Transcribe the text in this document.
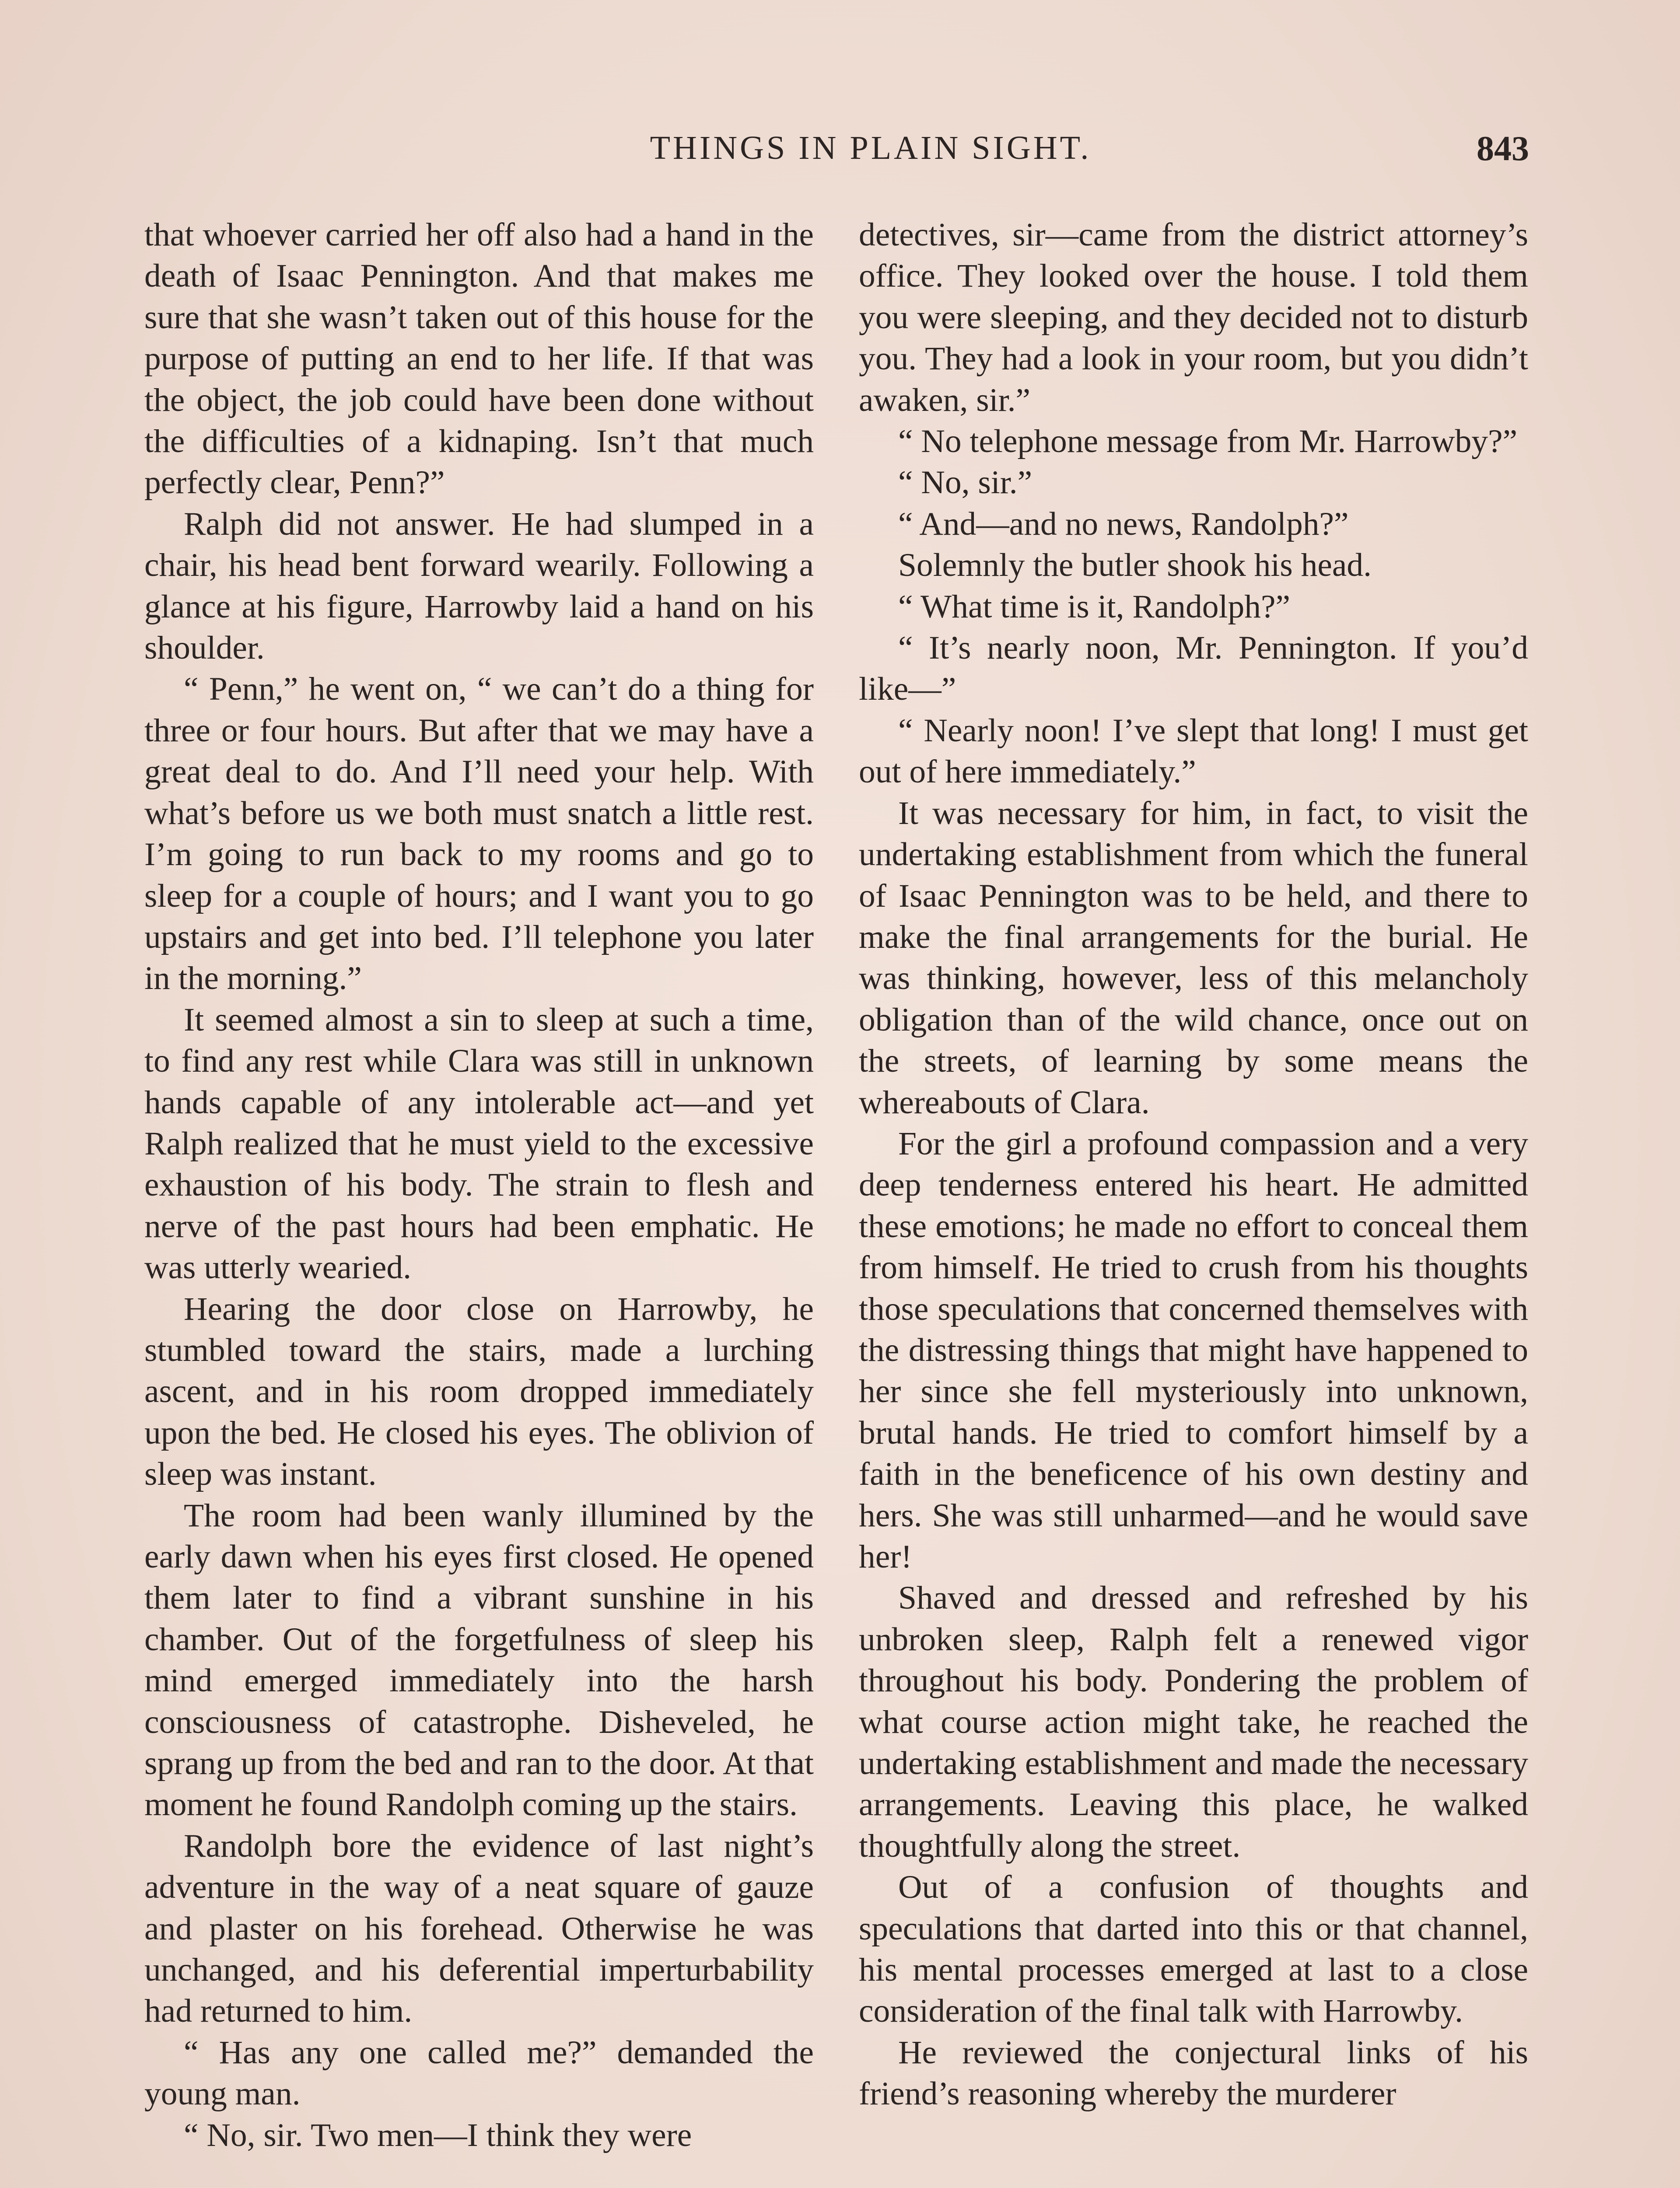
THINGS IN PLAIN SIGHT.	843

that whoever carried her off also had a hand in the death of Isaac Pennington. And that makes me sure that she wasn’t taken out of this house for the purpose of putting an end to her life. If that was the object, the job could have been done without the difficulties of a kidnaping. Isn’t that much perfectly clear, Penn?”

Ralph did not answer. He had slumped in a chair, his head bent forward wearily. Following a glance at his figure, Harrowby laid a hand on his shoulder.

“ Penn,” he went on, “ we can’t do a thing for three or four hours. But after that we may have a great deal to do. And I’ll need your help. With what’s before us we both must snatch a little rest. I’m going to run back to my rooms and go to sleep for a couple of hours; and I want you to go upstairs and get into bed. I’ll telephone you later in the morning.”

It seemed almost a sin to sleep at such a time, to find any rest while Clara was still in unknown hands capable of any intolerable act—and yet Ralph realized that he must yield to the excessive exhaustion of his body. The strain to flesh and nerve of the past hours had been emphatic. He was utterly wearied.

Hearing the door close on Harrowby, he stumbled toward the stairs, made a lurching ascent, and in his room dropped immediately upon the bed. He closed his eyes. The oblivion of sleep was instant.

The room had been wanly illumined by the early dawn when his eyes first closed. He opened them later to find a vibrant sunshine in his chamber. Out of the forgetfulness of sleep his mind emerged immediately into the harsh consciousness of catastrophe. Disheveled, he sprang up from the bed and ran to the door. At that moment he found Randolph coming up the stairs.

Randolph bore the evidence of last night’s adventure in the way of a neat square of gauze and plaster on his forehead. Otherwise he was unchanged, and his deferential imperturbability had returned to him.

“ Has any one called me?” demanded the young man.

“ No, sir. Two men—I think they were

detectives, sir—came from the district attorney’s office. They looked over the house. I told them you were sleeping, and they decided not to disturb you. They had a look in your room, but you didn’t awaken, sir.”

“ No telephone message from Mr. Harrowby?”

“ No, sir.”

“ And—and no news, Randolph?”

Solemnly the butler shook his head.

“ What time is it, Randolph?”

“ It’s nearly noon, Mr. Pennington. If you’d like—”

“ Nearly noon! I’ve slept that long! I must get out of here immediately.”

It was necessary for him, in fact, to visit the undertaking establishment from which the funeral of Isaac Pennington was to be held, and there to make the final arrangements for the burial. He was thinking, however, less of this melancholy obligation than of the wild chance, once out on the streets, of learning by some means the whereabouts of Clara.

For the girl a profound compassion and a very deep tenderness entered his heart. He admitted these emotions; he made no effort to conceal them from himself. He tried to crush from his thoughts those speculations that concerned themselves with the distressing things that might have happened to her since she fell mysteriously into unknown, brutal hands. He tried to comfort himself by a faith in the beneficence of his own destiny and hers. She was still unharmed—and he would save her!

Shaved and dressed and refreshed by his unbroken sleep, Ralph felt a renewed vigor throughout his body. Pondering the problem of what course action might take, he reached the undertaking establishment and made the necessary arrangements. Leaving this place, he walked thoughtfully along the street.

Out of a confusion of thoughts and speculations that darted into this or that channel, his mental processes emerged at last to a close consideration of the final talk with Harrowby.

He reviewed the conjectural links of his friend’s reasoning whereby the murderer
